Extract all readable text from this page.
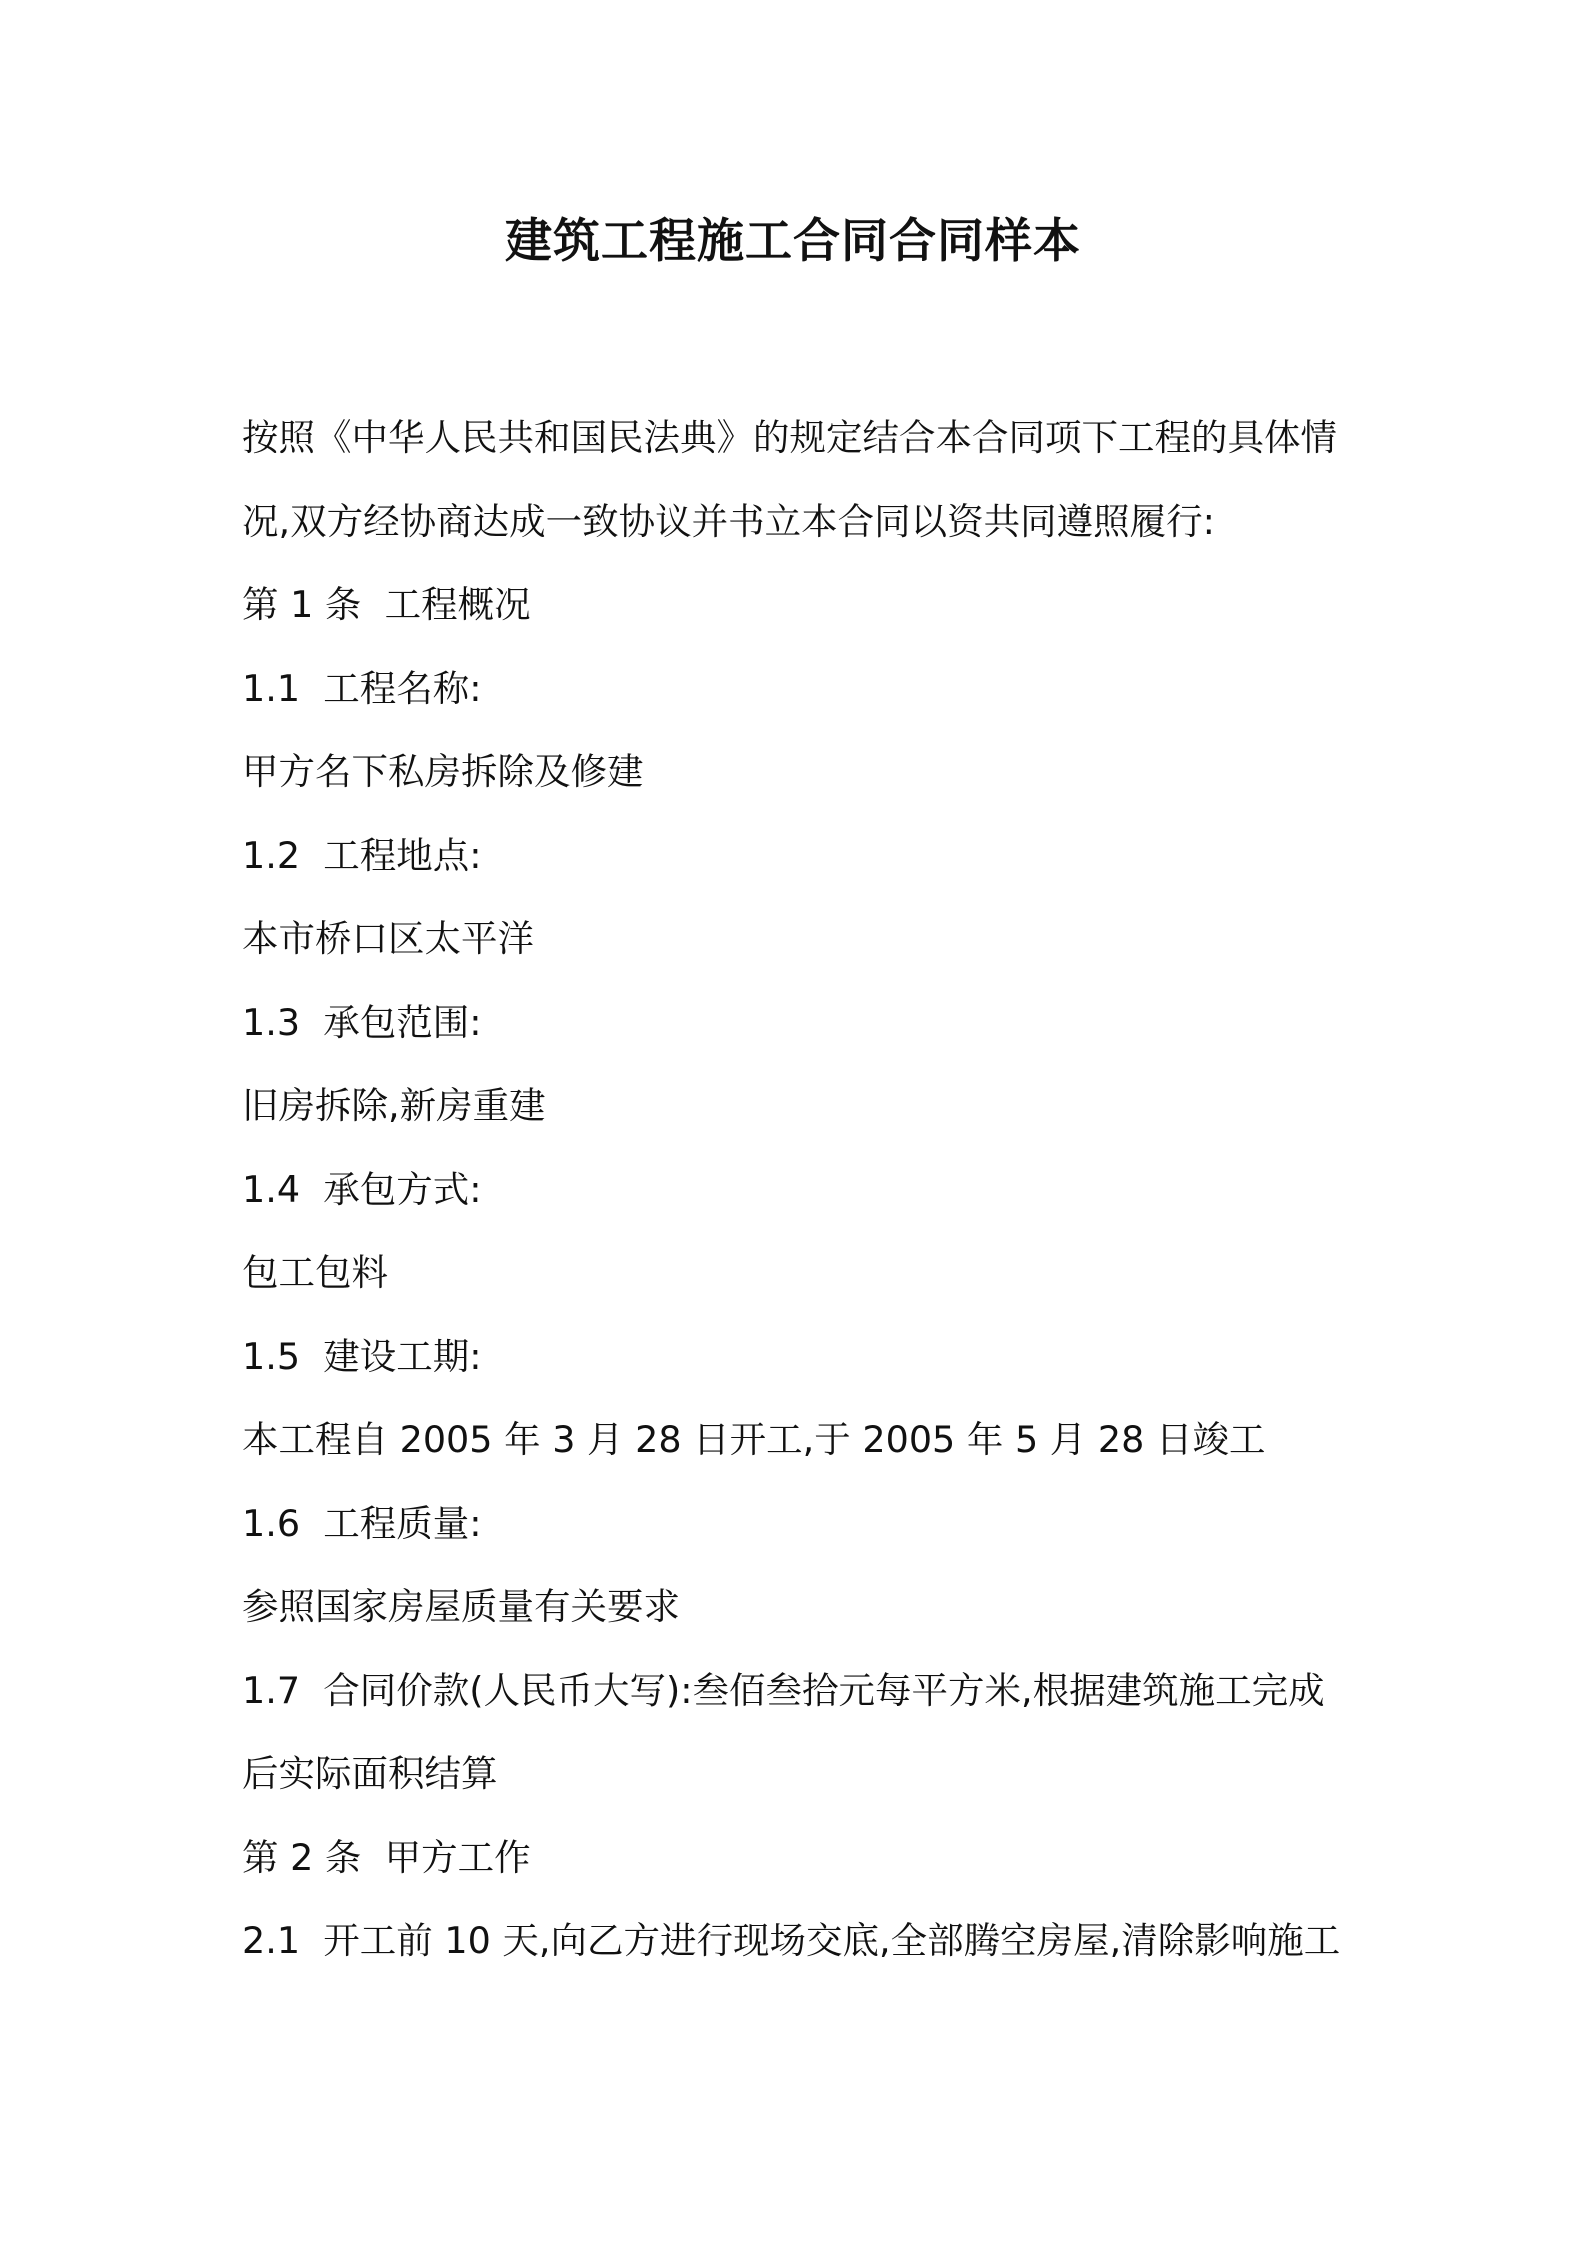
建筑工程施工合同合同样本

按照《中华人民共和国民法典》的规定结合本合同项下工程的具体情

况,双方经协商达成一致协议并书立本合同以资共同遵照履行:

第 1 条  工程概况

1.1  工程名称:

甲方名下私房拆除及修建

1.2  工程地点:

本市桥口区太平洋

1.3  承包范围:

旧房拆除,新房重建

1.4  承包方式:

包工包料

1.5  建设工期:

本工程自 2005 年 3 月 28 日开工,于 2005 年 5 月 28 日竣工

1.6  工程质量:

参照国家房屋质量有关要求

1.7  合同价款(人民币大写):叁佰叁拾元每平方米,根据建筑施工完成

后实际面积结算

第 2 条  甲方工作

2.1  开工前 10 天,向乙方进行现场交底,全部腾空房屋,清除影响施工
